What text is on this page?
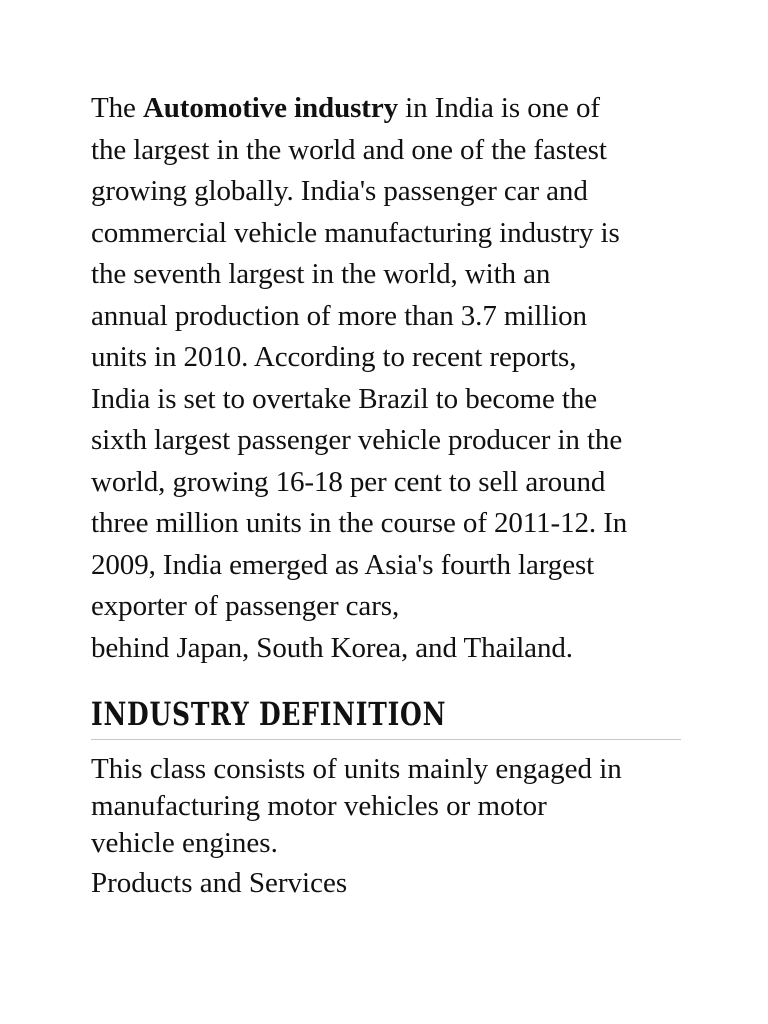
The Automotive industry in India is one of
the largest in the world and one of the fastest
growing globally. India's passenger car and
commercial vehicle manufacturing industry is
the seventh largest in the world, with an
annual production of more than 3.7 million
units in 2010. According to recent reports,
India is set to overtake Brazil to become the
sixth largest passenger vehicle producer in the
world, growing 16-18 per cent to sell around
three million units in the course of 2011-12. In
2009, India emerged as Asia's fourth largest
exporter of passenger cars,
behind Japan, South Korea, and Thailand.

INDUSTRY DEFINITION

This class consists of units mainly engaged in
manufacturing motor vehicles or motor
vehicle engines.

Products and Services
